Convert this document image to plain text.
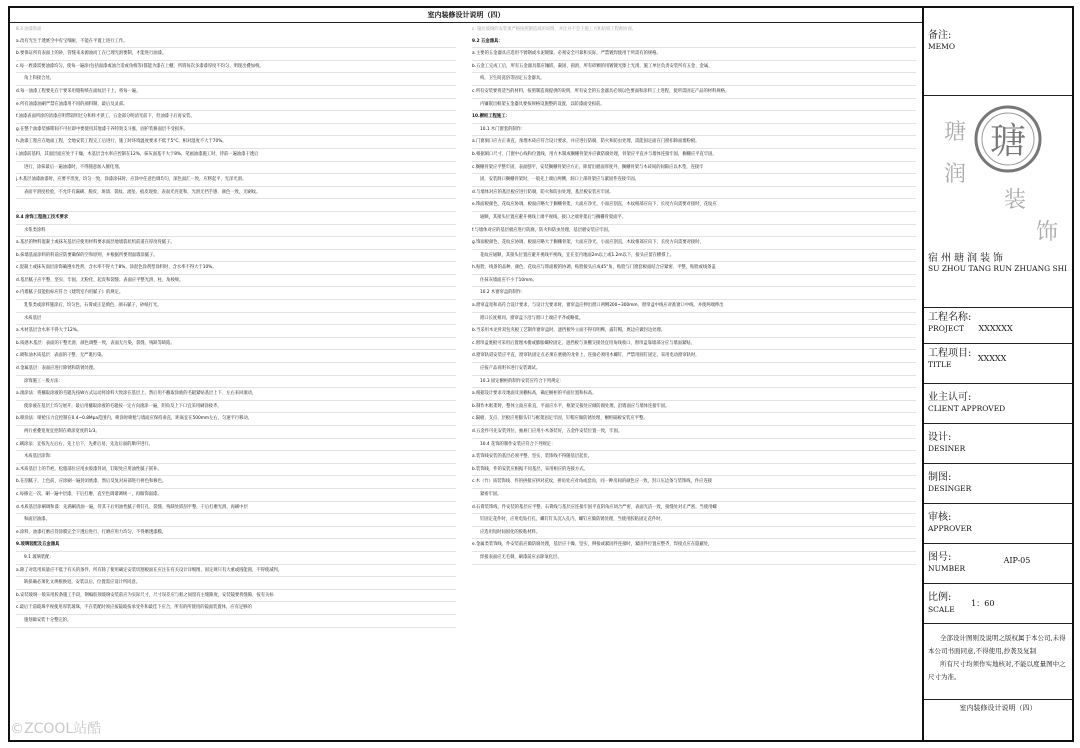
室内装修设计说明（四）
8.3 油漆饰面
a.改有光生于透底空中有宝细耐，不能在平置上进行工作。
b.要保证所有表面上的砂，管缝来来源油而工在已理光滑要制，才能进行油漆。
c.每一底漆需要油漆均匀，使每一遍涂(包括面漆或油合适或角棱等)都能为漆在上棚，所谓每次多漆漆厚度不均匀，明现出叠加棱。
角上和接合处。
d.每一油漆工程要先在于要采用缝粉喷在面纹层干上，将每一遍。
e.所有油漆油刷严禁在油漆用不同的颜料制，最后及灵部。
f.油漆表面所涂的清漆应明带较明过分和样才锁工，五金部分明清光前下，但油漆干后再安装。
g.在整个油漆装修期间不可拉即中要使用其他漆干养特效支斗涨，固护装修面层不受损坏。
h.油漆工程应在地面工程，全地安装工程完工后进行，施工时环境温度要求不低于5°C，相对湿度不大于70%。
i.油漆前基料，其面层面应处于干燥，木基层含水率应控制在12%，抹灰面基不大于8%，笔画油漆施工时，待前一遍油漆干透后
进行，涂抹最后一遍油漆时，不得随意加入催化剂。
j.木基层油漆油漆时，应要平坦度，均匀一致，涂漆涂抹时，应涂中任意色调均匀，深色面汇一致，应楞起平，光泽光滑。
表面平滑度检验，不允许有漏刷、脱皮、斑渍、裂纹、流坠、痕皮现象，表面光亮宽和，光滑无挡手感，颜色一致，无刷纹。
8.4 涂饰工程施工技术要求
水浆类涂料
a.基层的物料混凝土或抹灰基层应使用材料要求面层地墙裂状机前道在厚度骨腻子。
b.抹墙基面涂料的料前应防要确保的空和原则，并根据所要剂面墙涂腻子。
c.混凝土或抹灰面层涂饰确遵水性剂，含水率不得大于8%，涂混色涂剂型涂料时，含水率不得大于10%。
d.基层腻子应平整、坚实、牢固，无粉化、起皮和裂缝；表面应平整光滑、柱、角棱规。
e.内墙腻子技能指标应符合《建筑室内用腻子》的规定。
乳浆类或涂料施涂后，均匀色，石膏或正是填色，颜石腻子，砂纸打光。
水质基层
a.木材基层含水率不得大于12%。
b.质感木基层：表面的干整光滑，颜色调整一致，表面无污染，裂缝，残缺等缺陷。
c.调和油木质基层：表面的干整、无严裹污染。
d.金属基层：表面应进行除锈和防锈处理。
涂饰施工一般方法：
a.滚涂法：将蘸取涂液的毛辊先按W方式运动将涂料大致涂在基层上，然后用不蘸取涂液的毛辊紧贴基层上下、左右来回滚动，
使涂液在基层上均匀展开，最后用蘸取涂液的毛辊按一定方向滚涂一遍，阴角及上下口宜采用刷涂接齐。
b.喷涂法：喷枪压力宜控制在0.4~0.8Mpa范围内，喷涂时喷枪与墙面应保持垂直，距离宜在500mm左右，匀速平行移动，
两行重叠宽度宜控制在喷涂宽度的1/3。
c.刷涂法：宜按先左后右，先上后下，先难后易，先边后面的顺序进行。
木质基层涂饰：
a.木质基层上的节疤，松脂部位应用虫胶漆封闭，钉眼处应用油性腻子嵌补。
b.在刮腻子，上色前，应涂刷一遍封闭底漆，然后反复对局部进行拼色和修色。
c.每修完一次，刷一遍中层漆，干后打磨，直至色调谐调统一，再做饰面漆。
d.木质基层涂刷调和漆：先满刷清油一遍，待其干后用油性腻子将钉孔、裂缝、残缺处嵌刮平整，干后打磨光滑，再刷中层
和面层油漆。
e.涂料、油漆打磨应待涂膜完全干透后进行，打磨应用力均匀，不得磨透漆膜。
9.玻璃装配及五金器具
9.1 玻璃装配：
a.除了对选用质量应不低于有关的条件，所有除了使用确定安装切割板面在应注在有关设计详细图，固定规只有大重或圆能圆，不得使减到。
缺损确必须化文规根换退，安装以后，位置需应设计所同意。
b.安装玻璃一般采用胶条施工手段，钢编胶须玻璃安装前应为实际尺寸，尺寸误差应与框之间留有主缝隙度，安装镜要将缝隙，按有关标
c.最后于前玻珠平视使用厚装玻珠，不在装配时须应按镜玻按承受外和最佳下应合，所有的所使用的镜面装置体，应有足够的
施划做安装十分整完的。
c. 镜拉玻璃的安装须严格按照制造商的说明，并注并不会干施工方和结构工程师协商。
9.2 五金器具：
a.主要的五金器具应选用不锈钢或水泥镀镍，必须安全可靠和实际，严禁镀焊使用于所需有的规格。
b.五金工完成工后，所有五金器具都应镶嵌、凝固、圆滑，所有碎颗的用镀镀光擦上光滑，施工单位负责安装所有五金、金属、
构，卫生间洗浴等固定五金器具。
c.所有安装要将适当的材料，按照制造商提供的说明，所有安全的五金器具必须以色要面和涂料工上进程，使所需固定产品的材料规格。
内镶嵌出框架五金器具要按规格设施整的设置，以防漆面受损前。
10.橱柜工程施工：
10.1 木门窗套的制作：
a.门窗洞口应方正垂直，预埋木砖应符合设计要求，并应进行防腐，防火和防虫处理，需能固定面在门窗扣除面墙粉板。
b.根据洞口尺寸、门窗中心线和位置线，用方木制成搁栅骨架并应做防腐处理，骨架应平直并与墙体连接牢固，搁栅应平直牢固。
c.搁栅骨架应平整牢固，表面刨平，安装搁栅骨架应方正，除留出板面厚度外，搁栅骨架与木砖间的间隙应以木垫，连接牢
固，安装洞口搁栅骨架时，一般先上端后两侧，洞口上部骨架应与紧固件连接牢固。
d.与墙体对应的基层板应进行防腐，防火和防虫处理，基层板安装应牢固。
e.饰面板颜色、花纹应协调，板面应略大于搁栅骨架，大面应净光，小面应刮直，木纹根部应向下，长度方向需要对接时，花纹应
通顺，其接头位置应避开视线上端平视线，接口之端骨架后与搁栅骨架面平。
f.与墙体对应的基层板应进行防腐，防火和防虫处理，基层板安装应牢固。
g.饰面板颜色、花纹应协调，板面应略大于搁栅骨架，大面应净光，小面应刮直，木纹根部应向下，长度方向需要对接时，
花纹应通顺，其接头位置应避开视线平视线，宜在室内地面2m以上或1.2m以下，接头应留在横撑上。
h.贴脸、线条的品种、颜色、花纹应与饰面板的协调，贴脸接头应成45°角，贴脸与门窗套板面结合应紧密、平整，贴脸或线条盖
住抹灰墙面应不小于10mm。
10.2 木窗帘盒的制作：
a.窗帘盒宽和高符合设计要求，与设计无要求时，窗帘盒应伸出窗口两侧200~300mm，窗帘盒中线应对准窗口中线，并使两端伸出
窗口长度相同，窗帘盒下沿与窗口上端应平齐或略低。
b.当采用木龙骨双包夹板工艺制作窗帘盒时，遮挡板外立面不得有明榫，露钉帽，底边应做封边处理。
c.窗帘盒底板可采用后置埋木楔或膨胀螺栓固定，遮挡板与顶棚交接处宜用角线收口，窗帘盒靠墙部分应与墙面紧贴。
d.窗帘轨道安装应平直，窗帘轨固定点必须在底板的龙骨上，连接必须用木螺钉，严禁用圆钉固定，采用电动窗帘轨时，
应按产品说明书进行安装调试。
10.3 固定橱柜的制作安装应符合下列规定：
a.根据设计要求及地面及顶棚标高，确定橱柜的平面位置和标高。
b.制作木框架时，整体立面应垂直，平面应水平，框架交接处应做防腐处理，沿墙面应与墙体连接牢固。
c.隔板、支点、层板应用膨头钉与框架固定牢固，钉帽应做防锈处理，橱柜隔板安装应平整。
d.五金件可先安装到位，抽屉门应用小木条装好，五金件安装位置一致，牢固。
10.4 花饰的制作安装应符合下列规定：
a.装饰线安装的基层必须平整、坚实，装饰线不得随基层起伏。
b.装饰线，件的安装应根据不同基层，采用相应的连接方式。
c.木（竹）质装饰线、件的拼接应拼对花纹，拼角处应对角或套角，同一种房间的颜色应一致，封口压边条与装饰线，件应连接
紧密牢固。
d.石膏装饰线、件安装的基层应平整，石膏线与基层应连接牢固平直阴角应闭合严密，表面光洁一致，接缝处对正严密，当使用螺
钉固定花件时，应用电钻打孔，螺钉钉头沉入孔内，螺钉应做防锈处理，当使用胶粘固定花件时，
应选用短时间固化的胶粘材料。
e.金属类装饰线、件安装前应做防腐处理，基层应干燥、坚实，铆接或紧固件连接时，紧固件位置应整齐，焊接点应在隐蔽处，
焊接表面应无毛刺，刷漆前应去除氧化层。
备注:
MEMO
瑭
瑭
润
装
饰
宿州瑭润装饰
SU ZHOU TANG RUN ZHUANG SHI
工程名称:
PROJECT XXXXXX
工程项目:
TITLE XXXXX
业主认可:
CLIENT APPROVED
设计:
DESINER
制图:
DESINGER
审核:
APPROVER
图号:
NUMBER AIP-05
比例:
SCALE 1：60
全部设计图则及说明之版权属于本公司,未得本公司书面同意,不得使用,抄袭及复制
所有尺寸均须作实地核对,不能以度量图中之尺寸为准。
室内装修设计说明（四）
©ZCOOL站酷
